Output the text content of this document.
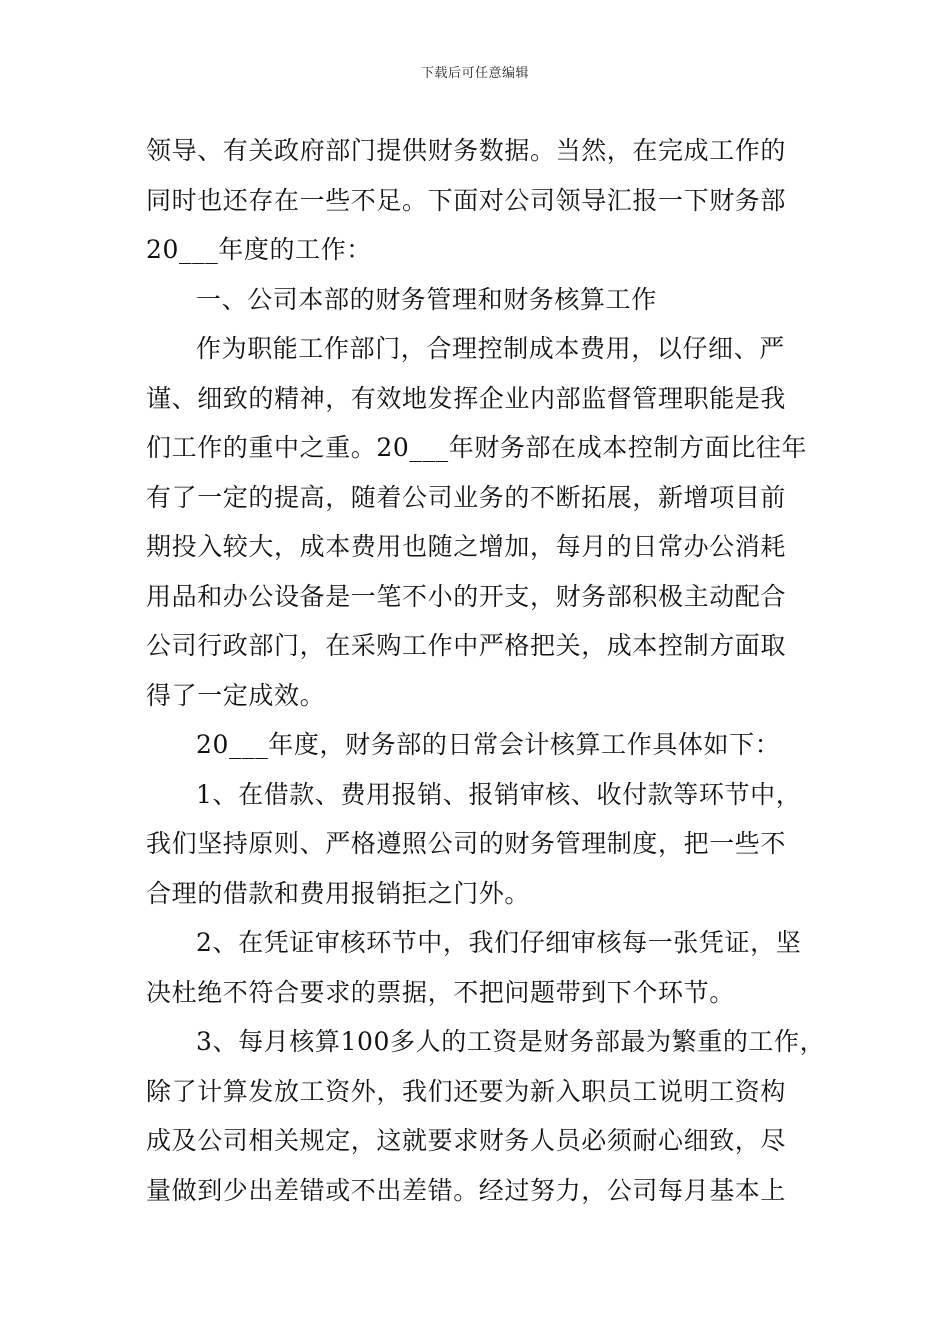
下载后可任意编辑
领导、有关政府部门提供财务数据。当然，在完成工作的
同时也还存在一些不足。下面对公司领导汇报一下财务部
20___年度的工作：
一、公司本部的财务管理和财务核算工作
作为职能工作部门，合理控制成本费用，以仔细、严
谨、细致的精神，有效地发挥企业内部监督管理职能是我
们工作的重中之重。20___年财务部在成本控制方面比往年
有了一定的提高，随着公司业务的不断拓展，新增项目前
期投入较大，成本费用也随之增加，每月的日常办公消耗
用品和办公设备是一笔不小的开支，财务部积极主动配合
公司行政部门，在采购工作中严格把关，成本控制方面取
得了一定成效。
20___年度，财务部的日常会计核算工作具体如下：
1、在借款、费用报销、报销审核、收付款等环节中，
我们坚持原则、严格遵照公司的财务管理制度，把一些不
合理的借款和费用报销拒之门外。
2、在凭证审核环节中，我们仔细审核每一张凭证，坚
决杜绝不符合要求的票据，不把问题带到下个环节。
3、每月核算100多人的工资是财务部最为繁重的工作，
除了计算发放工资外，我们还要为新入职员工说明工资构
成及公司相关规定，这就要求财务人员必须耐心细致，尽
量做到少出差错或不出差错。经过努力，公司每月基本上
